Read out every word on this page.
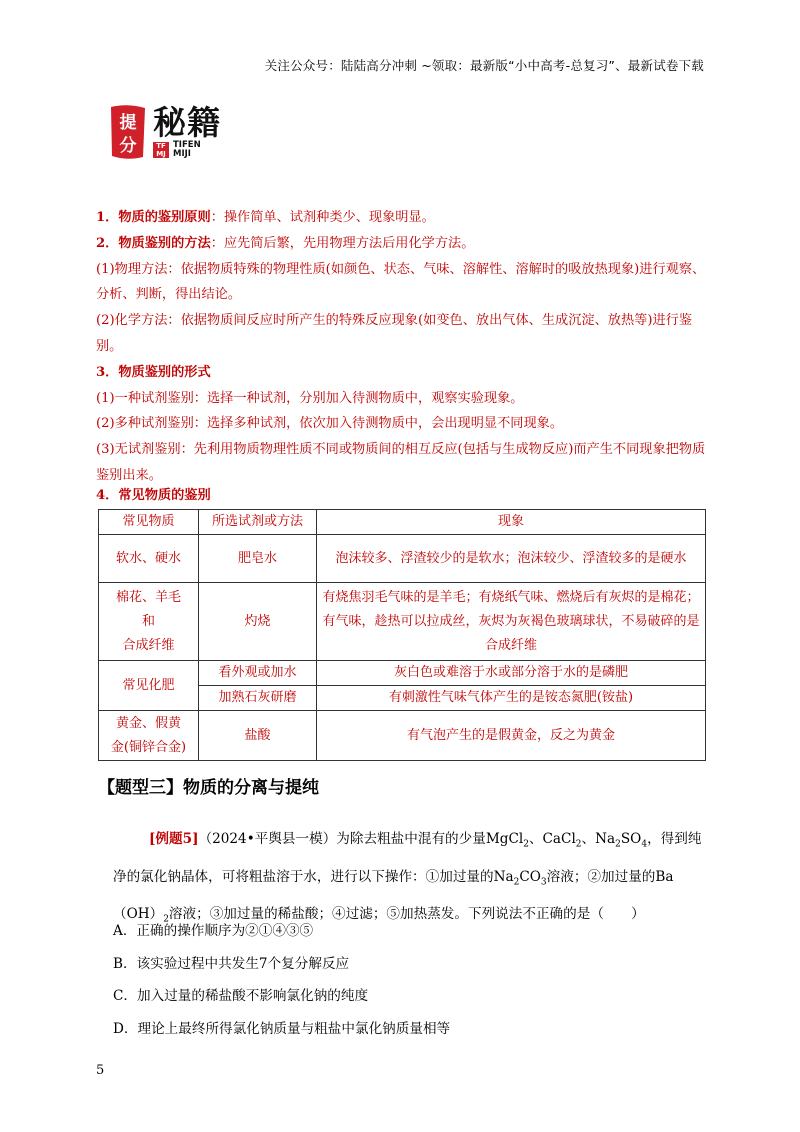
关注公众号：陆陆高分冲刺 ~领取：最新版“小中高考-总复习”、最新试卷下载
提
分
秘籍
TF MJ
TIFEN
MIJI

1．物质的鉴别原则：操作简单、试剂种类少、现象明显。

2．物质鉴别的方法：应先简后繁，先用物理方法后用化学方法。

(1)物理方法：依据物质特殊的物理性质(如颜色、状态、气味、溶解性、溶解时的吸放热现象)进行观察、分析、判断，得出结论。

(2)化学方法：依据物质间反应时所产生的特殊反应现象(如变色、放出气体、生成沉淀、放热等)进行鉴别。

3．物质鉴别的形式

(1)一种试剂鉴别：选择一种试剂，分别加入待测物质中，观察实验现象。

(2)多种试剂鉴别：选择多种试剂，依次加入待测物质中，会出现明显不同现象。

(3)无试剂鉴别：先利用物质物理性质不同或物质间的相互反应(包括与生成物反应)而产生不同现象把物质鉴别出来。

4．常见物质的鉴别
常见物质	所选试剂或方法	现象
软水、硬水	肥皂水	泡沫较多、浮渣较少的是软水；泡沫较少、浮渣较多的是硬水

棉花、羊毛
和
合成纤维	灼烧	有烧焦羽毛气味的是羊毛；有烧纸气味、燃烧后有灰烬的是棉花；有气味，趁热可以拉成丝，灰烬为灰褐色玻璃球状，不易破碎的是合成纤维
常见化肥	看外观或加水	灰白色或难溶于水或部分溶于水的是磷肥
	加熟石灰研磨	有刺激性气味气体产生的是铵态氮肥(铵盐)

黄金、假黄
金(铜锌合金)	盐酸	有气泡产生的是假黄金，反之为黄金
【题型三】物质的分离与提纯
[例题5]（2024•平舆县一模）为除去粗盐中混有的少量MgCl$_2$、CaCl$_2$、$Na_2SO_4$，得到纯净的氯化钠晶体，可将粗盐溶于水，进行以下操作：①加过量的$Na_2CO_3$溶液；②加过量的$Ba(OH)_2$溶液；③加过量的稀盐酸；④过滤；⑤加热蒸发。下列说法不正确的是（　　）
A．正确的操作顺序为②①④③⑤
B．该实验过程中共发生7个复分解反应
C．加入过量的稀盐酸不影响氯化钠的纯度
D．理论上最终所得氯化钠质量与粗盐中氯化钠质量相等
5
